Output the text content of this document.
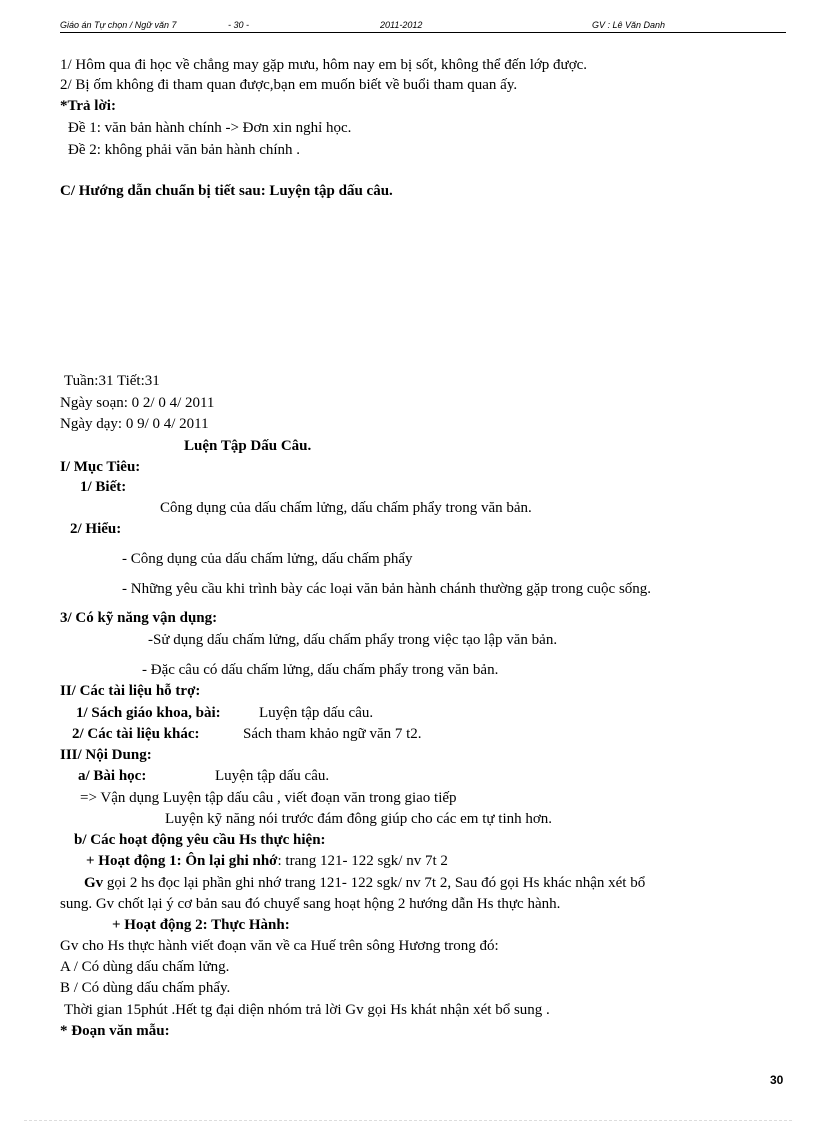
Giáo án Tự chọn / Ngữ văn 7	- 30 -	2011-2012	GV : Lê Văn Danh
1/ Hôm qua đi học về chẳng may gặp mưu, hôm nay em bị sốt, không thể đến lớp được.
2/ Bị ốm không đi tham quan được,bạn em muốn biết về buổi tham quan ấy.
*Trả lời:
Đề 1: văn bản hành chính -> Đơn xin nghỉ học.
Đề 2: không phải văn bản hành chính .
C/ Hướng dẫn chuẩn bị tiết sau: Luyện tập dấu câu.
Tuần:31 Tiết:31
Ngày soạn: 0 2/ 0 4/ 2011
Ngày dạy: 0 9/ 0 4/ 2011
Luện Tập Dấu Câu.
I/ Mục Tiêu:
1/ Biết:
Công dụng của dấu chấm lửng, dấu chấm phẩy trong văn bản.
2/ Hiểu:
- Công dụng của dấu chấm lửng, dấu chấm phẩy
- Những yêu cầu khi trình bày các loại văn bản hành chánh thường gặp trong cuộc sống.
3/ Có kỹ năng vận dụng:
-Sử dụng dấu chấm lửng, dấu chấm phẩy trong việc tạo lập văn bản.
- Đặc câu có dấu chấm lửng, dấu chấm phẩy trong văn bản.
II/ Các tài liệu hỗ trợ:
1/ Sách giáo khoa, bài:	Luyện tập dấu câu.
2/ Các tài liệu khác:	Sách tham khảo ngữ văn 7 t2.
III/ Nội Dung:
a/ Bài học:	Luyện tập dấu câu.
=> Vận dụng Luyện tập dấu câu , viết đoạn văn trong giao tiếp
Luyện kỹ năng nói trước đám đông giúp cho các em tự tinh hơn.
b/ Các hoạt động yêu cầu Hs thực hiện:
+ Hoạt động 1: Ôn lại ghi nhớ: trang 121- 122 sgk/ nv 7t 2
Gv gọi 2 hs đọc lại phần ghi nhớ trang 121- 122 sgk/ nv 7t 2, Sau đó gọi Hs khác nhận xét bổ
sung. Gv chốt lại ý cơ bản sau đó chuyể sang hoạt hộng 2 hướng dẫn Hs thực hành.
+ Hoạt động 2: Thực Hành:
Gv cho Hs thực hành viết đoạn văn về ca Huế trên sông Hương trong đó:
A / Có dùng dấu chấm lửng.
B / Có dùng dấu chấm phẩy.
Thời gian 15phút .Hết tg đại diện nhóm trả lời Gv gọi Hs khát nhận xét bổ sung .
* Đoạn văn mẫu:
30
